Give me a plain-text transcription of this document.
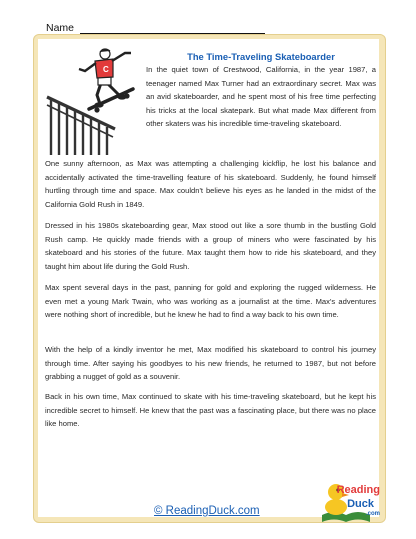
Name
C
The Time-Traveling Skateboarder

In the quiet town of Crestwood, California, in the year 1987, a teenager named Max Turner had an extraordinary secret. Max was an avid skateboarder, and he spent most of his free time perfecting his tricks at the local skatepark. But what made Max different from other skaters was his incredible time-traveling skateboard.

One sunny afternoon, as Max was attempting a challenging kickflip, he lost his balance and accidentally activated the time-travelling feature of his skateboard. Suddenly, he found himself hurtling through time and space. Max couldn't believe his eyes as he landed in the midst of the California Gold Rush in 1849.

Dressed in his 1980s skateboarding gear, Max stood out like a sore thumb in the bustling Gold Rush camp. He quickly made friends with a group of miners who were fascinated by his skateboard and his stories of the future. Max taught them how to ride his skateboard, and they taught him about life during the Gold Rush.

Max spent several days in the past, panning for gold and exploring the rugged wilderness. He even met a young Mark Twain, who was working as a journalist at the time. Max's adventures were nothing short of incredible, but he knew he had to find a way back to his own time.

With the help of a kindly inventor he met, Max modified his skateboard to control his journey through time. After saying his goodbyes to his new friends, he returned to 1987, but not before grabbing a nugget of gold as a souvenir.

Back in his own time, Max continued to skate with his time-traveling skateboard, but he kept his incredible secret to himself. He knew that the past was a fascinating place, but there was no place like home.

© ReadingDuck.com
Reading
Duck
.com
